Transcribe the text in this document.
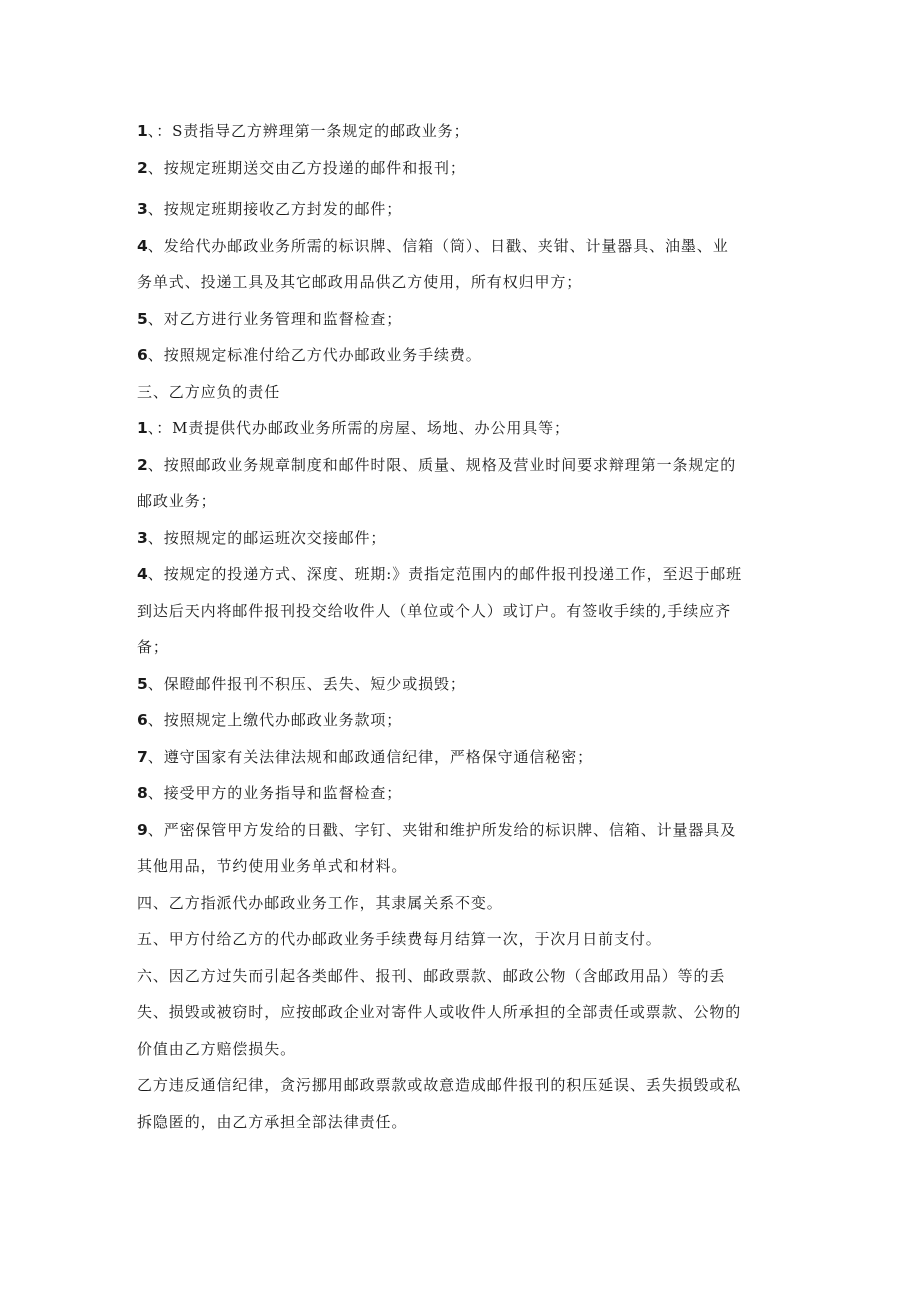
1、：S责指导乙方辨理第一条规定的邮政业务；
2、按规定班期送交由乙方投递的邮件和报刊；
3、按规定班期接收乙方封发的邮件；
4、发给代办邮政业务所需的标识牌、信箱（筒）、日戳、夹钳、计量器具、油墨、业
务单式、投递工具及其它邮政用品供乙方使用，所有权归甲方；
5、对乙方进行业务管理和监督检查；
6、按照规定标准付给乙方代办邮政业务手续费。
三、乙方应负的责任
1、：M责提供代办邮政业务所需的房屋、场地、办公用具等；
2、按照邮政业务规章制度和邮件时限、质量、规格及营业时间要求辩理第一条规定的
邮政业务；
3、按照规定的邮运班次交接邮件；
4、按规定的投递方式、深度、班期:》责指定范围内的邮件报刊投递工作，至迟于邮班
到达后天内将邮件报刊投交给收件人（单位或个人）或订户。有签收手续的,手续应齐
备；
5、保瞪邮件报刊不积压、丢失、短少或损毁；
6、按照规定上缴代办邮政业务款项；
7、遵守国家有关法律法规和邮政通信纪律，严格保守通信秘密；
8、接受甲方的业务指导和监督检查；
9、严密保管甲方发给的日戳、字钉、夹钳和维护所发给的标识牌、信箱、计量器具及
其他用品，节约使用业务单式和材料。
四、乙方指派代办邮政业务工作，其隶属关系不变。
五、甲方付给乙方的代办邮政业务手续费每月结算一次，于次月日前支付。
六、因乙方过失而引起各类邮件、报刊、邮政票款、邮政公物（含邮政用品）等的丢
失、损毁或被窃时，应按邮政企业对寄件人或收件人所承担的全部责任或票款、公物的
价值由乙方赔偿损失。
乙方违反通信纪律，贪污挪用邮政票款或故意造成邮件报刊的积压延误、丢失损毁或私
拆隐匿的，由乙方承担全部法律责任。
